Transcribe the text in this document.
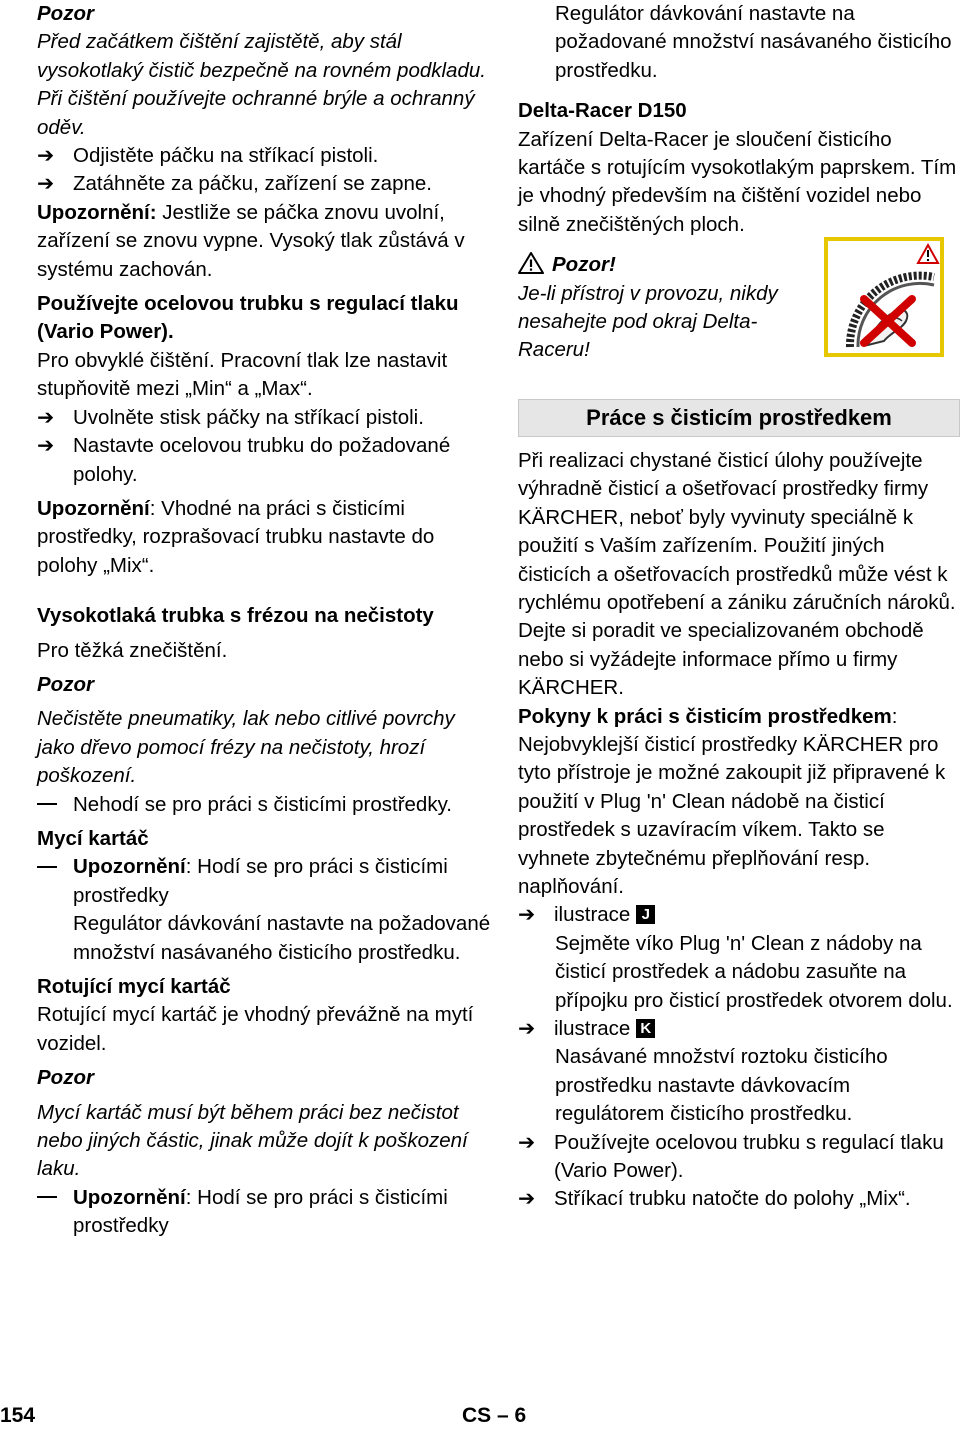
Pozor

Před začátkem čištění zajistětě, aby stál vysokotlaký čistič bezpečně na rovném podkladu. Při čištění používejte ochranné brýle a ochranný oděv.

➔ Odjistěte páčku na stříkací pistoli.

➔ Zatáhněte za páčku, zařízení se zapne.

Upozornění: Jestliže se páčka znovu uvolní, zařízení se znovu vypne. Vysoký tlak zůstává v systému zachován.

Používejte ocelovou trubku s regulací tlaku (Vario Power).

Pro obvyklé čištění. Pracovní tlak lze nastavit stupňovitě mezi „Min“ a „Max“.

➔ Uvolněte stisk páčky na stříkací pistoli.

➔ Nastavte ocelovou trubku do požadované polohy.

Upozornění: Vhodné na práci s čisticími prostředky, rozprašovací trubku nastavte do polohy „Mix“.

Vysokotlaká trubka s frézou na nečistoty

Pro těžká znečištění.

Pozor

Nečistěte pneumatiky, lak nebo citlivé povrchy jako dřevo pomocí frézy na nečistoty, hrozí poškození.

Nehodí se pro práci s čisticími prostředky.

Mycí kartáč

Upozornění: Hodí se pro práci s čisticími prostředky

Regulátor dávkování nastavte na požadované množství nasávaného čisticího prostředku.

Rotující mycí kartáč

Rotující mycí kartáč je vhodný převážně na mytí vozidel.

Pozor

Mycí kartáč musí být během práci bez nečistot nebo jiných částic, jinak může dojít k poškození laku.

Upozornění: Hodí se pro práci s čisticími prostředky

Regulátor dávkování nastavte na požadované množství nasávaného čisticího prostředku.

Delta-Racer D150

Zařízení Delta-Racer je sloučení čisticího kartáče s rotujícím vysokotlakým paprskem. Tím je vhodný především na čištění vozidel nebo silně znečištěných ploch.

Pozor!

Je-li přístroj v provozu, nikdy nesahejte pod okraj Delta-Raceru!

Práce s čisticím prostředkem

Při realizaci chystané čisticí úlohy používejte výhradně čisticí a ošetřovací prostředky firmy KÄRCHER, neboť byly vyvinuty speciálně k použití s Vaším zařízením. Použití jiných čisticích a ošetřovacích prostředků může vést k rychlému opotřebení a zániku záručních nároků. Dejte si poradit ve specializovaném obchodě nebo si vyžádejte informace přímo u firmy KÄRCHER.

Pokyny k práci s čisticím prostředkem: Nejobvyklejší čisticí prostředky KÄRCHER pro tyto přístroje je možné zakoupit již připravené k použití v Plug 'n' Clean nádobě na čisticí prostředek s uzavíracím víkem. Takto se vyhnete zbytečnému přeplňování resp. naplňování.

➔ ilustrace J

Sejměte víko Plug 'n' Clean z nádoby na čisticí prostředek a nádobu zasuňte na přípojku pro čisticí prostředek otvorem dolu.

➔ ilustrace K

Nasávané množství roztoku čisticího prostředku nastavte dávkovacím regulátorem čisticího prostředku.

➔ Používejte ocelovou trubku s regulací tlaku (Vario Power).

➔ Stříkací trubku natočte do polohy „Mix“.

154	CS – 6
